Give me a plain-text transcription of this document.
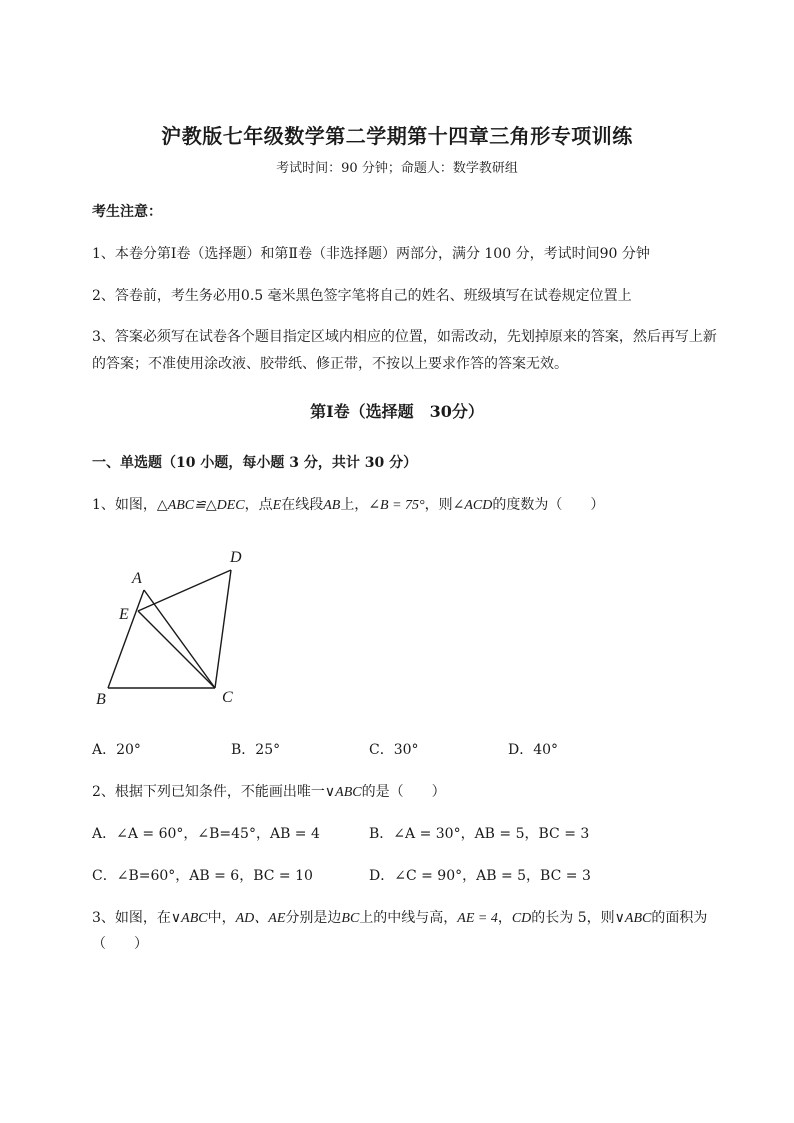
沪教版七年级数学第二学期第十四章三角形专项训练
考试时间：90 分钟；命题人：数学教研组
考生注意：
1、本卷分第Ⅰ卷（选择题）和第Ⅱ卷（非选择题）两部分，满分 100 分，考试时间90 分钟
2、答卷前，考生务必用0.5 毫米黑色签字笔将自己的姓名、班级填写在试卷规定位置上
3、答案必须写在试卷各个题目指定区域内相应的位置，如需改动，先划掉原来的答案，然后再写上新
的答案；不准使用涂改液、胶带纸、修正带，不按以上要求作答的答案无效。
第Ⅰ卷（选择题　30分）
一、单选题（10 小题，每小题 3 分，共计 30 分）
1、如图，△ABC≌△DEC，点E在线段AB上，∠B = 75°，则∠ACD的度数为（　　）
A
B	C
D
E
A．20°	B．25°	C．30°	D．40°
2、根据下列已知条件，不能画出唯一∨ABC的是（　　）
A．∠A = 60°，∠B=45°，AB = 4	B．∠A = 30°，AB = 5，BC = 3
C．∠B=60°，AB = 6，BC = 10	D．∠C = 90°，AB = 5，BC = 3
3、如图，在∨ABC中，AD、AE分别是边BC上的中线与高，AE = 4，CD的长为 5，则∨ABC的面积为
（　　）
